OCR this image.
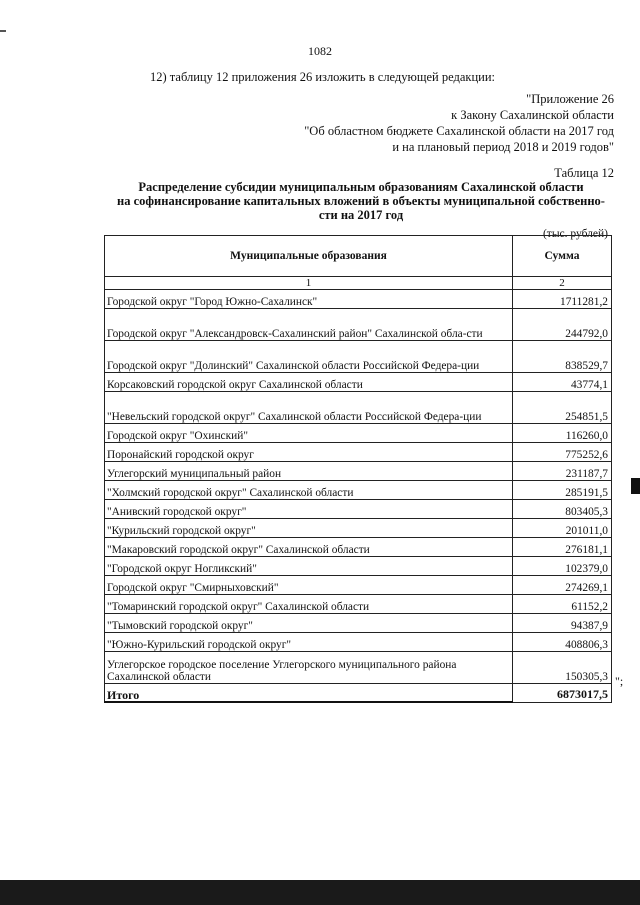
1082
12) таблицу 12 приложения 26 изложить в следующей редакции:
"Приложение 26
к Закону Сахалинской области
"Об областном бюджете Сахалинской области на 2017 год
и на плановый период 2018 и 2019 годов"
Таблица 12
Распределение субсидии муниципальным образованиям Сахалинской области
на софинансирование капитальных вложений в объекты муниципальной собственно-
сти на 2017 год
(тыс. рублей)
Муниципальные образования	Сумма
1	2
Городской округ "Город Южно-Сахалинск"	1711281,2
Городской округ "Александровск-Сахалинский район" Сахалинской обла-сти	244792,0
Городской округ "Долинский" Сахалинской области Российской Федера-ции	838529,7
Корсаковский городской округ Сахалинской области	43774,1
"Невельский городской округ" Сахалинской области Российской Федера-ции	254851,5
Городской округ "Охинский"	116260,0
Поронайский городской округ	775252,6
Углегорский муниципальный район	231187,7
"Холмский городской округ" Сахалинской области	285191,5
"Анивский городской округ"	803405,3
"Курильский городской округ"	201011,0
"Макаровский городской округ" Сахалинской области	276181,1
"Городской округ Ногликский"	102379,0
Городской округ "Смирныховский"	274269,1
"Томаринский городской округ" Сахалинской области	61152,2
"Тымовский городской округ"	94387,9
"Южно-Курильский городской округ"	408806,3
Углегорское городское поселение Углегорского муниципального района Сахалинской области	150305,3
Итого	6873017,5
";
